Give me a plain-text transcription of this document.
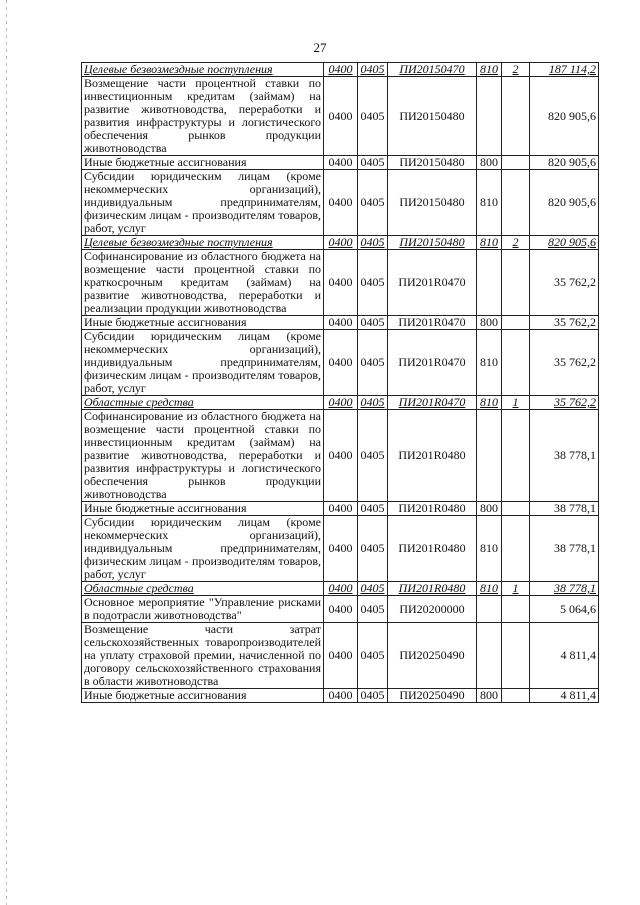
27
Целевые безвозмездные поступления	0400	0405	ПИ20150470	810	2	187 114,2
Возмещение части процентной ставки по инвестиционным кредитам (займам) на развитие животноводства, переработки и развития инфраструктуры и логистического обеспечения рынков продукции животноводства	0400	0405	ПИ20150480			820 905,6
Иные бюджетные ассигнования	0400	0405	ПИ20150480	800		820 905,6
Субсидии юридическим лицам (кроме некоммерческих организаций), индивидуальным предпринимателям, физическим лицам - производителям товаров, работ, услуг	0400	0405	ПИ20150480	810		820 905,6
Целевые безвозмездные поступления	0400	0405	ПИ20150480	810	2	820 905,6
Софинансирование из областного бюджета на возмещение части процентной ставки по краткосрочным кредитам (займам) на развитие животноводства, переработки и реализации продукции животноводства	0400	0405	ПИ201R0470			35 762,2
Иные бюджетные ассигнования	0400	0405	ПИ201R0470	800		35 762,2
Субсидии юридическим лицам (кроме некоммерческих организаций), индивидуальным предпринимателям, физическим лицам - производителям товаров, работ, услуг	0400	0405	ПИ201R0470	810		35 762,2
Областные средства	0400	0405	ПИ201R0470	810	1	35 762,2
Софинансирование из областного бюджета на возмещение части процентной ставки по инвестиционным кредитам (займам) на развитие животноводства, переработки и развития инфраструктуры и логистического обеспечения рынков продукции животноводства	0400	0405	ПИ201R0480			38 778,1
Иные бюджетные ассигнования	0400	0405	ПИ201R0480	800		38 778,1
Субсидии юридическим лицам (кроме некоммерческих организаций), индивидуальным предпринимателям, физическим лицам - производителям товаров, работ, услуг	0400	0405	ПИ201R0480	810		38 778,1
Областные средства	0400	0405	ПИ201R0480	810	1	38 778,1
Основное мероприятие "Управление рисками в подотрасли животноводства"	0400	0405	ПИ20200000			5 064,6
Возмещение части затрат сельскохозяйственных товаропроизводителей на уплату страховой премии, начисленной по договору сельскохозяйственного страхования в области животноводства	0400	0405	ПИ20250490			4 811,4
Иные бюджетные ассигнования	0400	0405	ПИ20250490	800		4 811,4
